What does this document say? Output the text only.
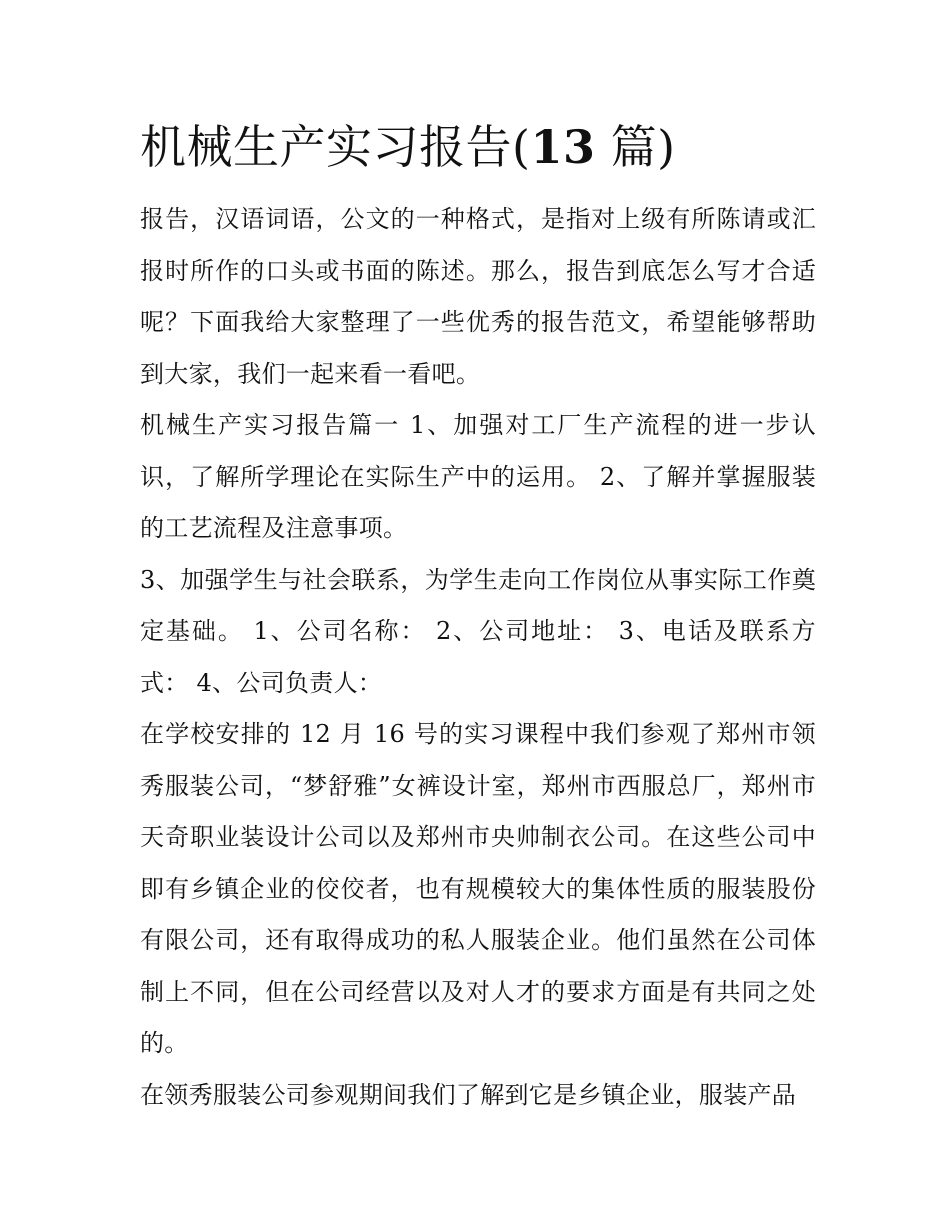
机械生产实习报告(13 篇)

报告，汉语词语，公文的一种格式，是指对上级有所陈请或汇报时所作的口头或书面的陈述。那么，报告到底怎么写才合适呢？下面我给大家整理了一些优秀的报告范文，希望能够帮助到大家，我们一起来看一看吧。

机械生产实习报告篇一 1、加强对工厂生产流程的进一步认识，了解所学理论在实际生产中的运用。 2、了解并掌握服装的工艺流程及注意事项。

3、加强学生与社会联系，为学生走向工作岗位从事实际工作奠定基础。 1、公司名称： 2、公司地址： 3、电话及联系方式： 4、公司负责人：

在学校安排的 12 月 16 号的实习课程中我们参观了郑州市领秀服装公司，“梦舒雅”女裤设计室，郑州市西服总厂，郑州市天奇职业装设计公司以及郑州市央帅制衣公司。在这些公司中即有乡镇企业的佼佼者，也有规模较大的集体性质的服装股份有限公司，还有取得成功的私人服装企业。他们虽然在公司体制上不同，但在公司经营以及对人才的要求方面是有共同之处的。

在领秀服装公司参观期间我们了解到它是乡镇企业，服装产品
